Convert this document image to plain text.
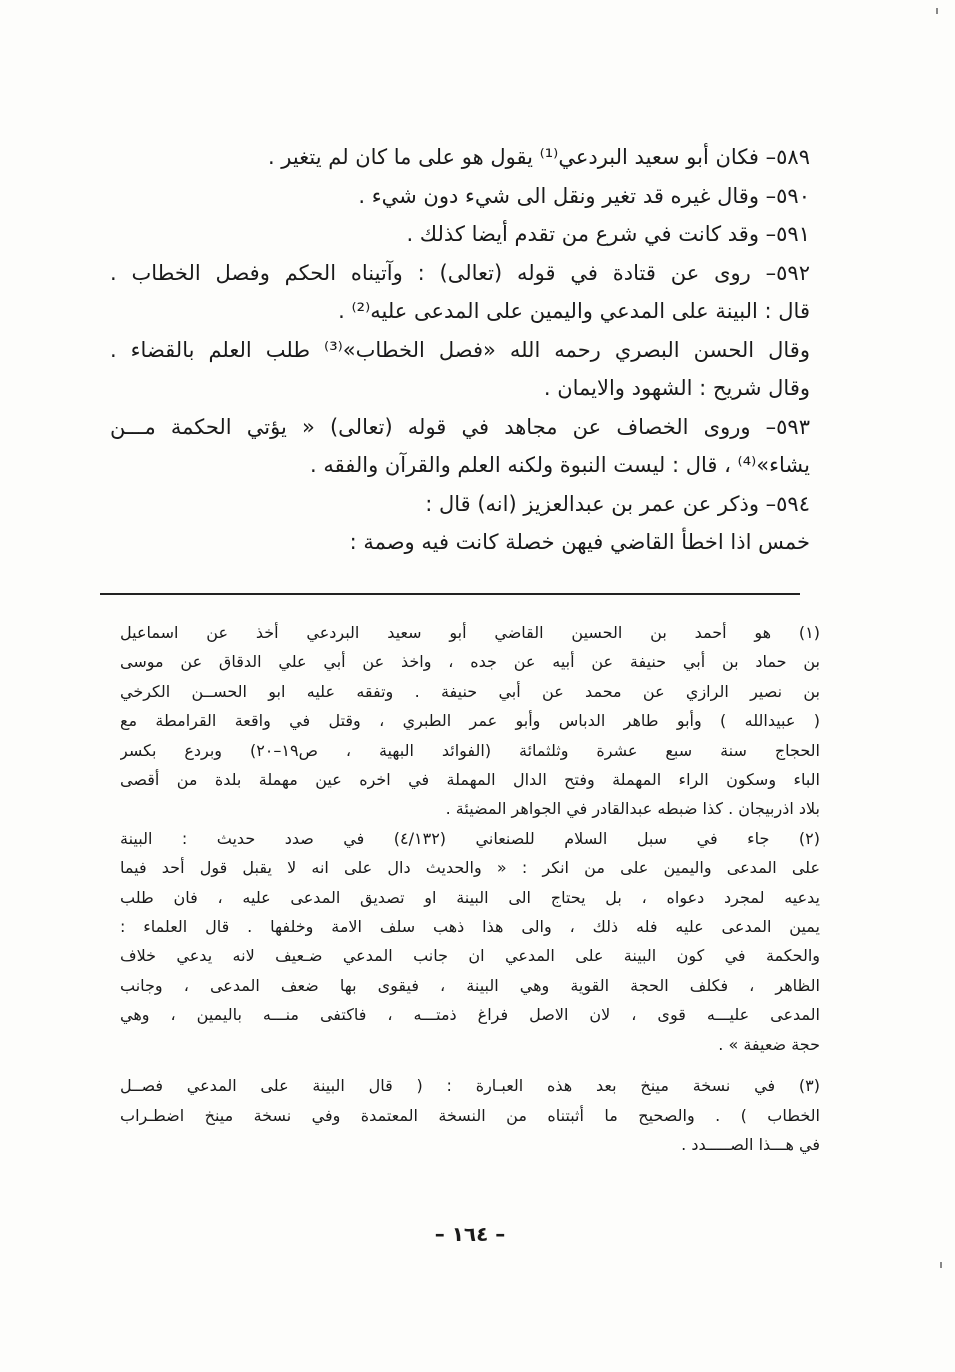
٥٨٩– فكان أبو سعيد البردعي⁽¹⁾ يقول هو على ما كان لم يتغير .
٥٩٠– وقال غيره قد تغير ونقل الى شيء دون شيء .
٥٩١– وقد كانت في شرع من تقدم أيضا كذلك .
٥٩٢– روى عن قتادة في قوله (تعالى) : وآتيناه الحكم وفصل الخطاب .
قال : البينة على المدعي واليمين على المدعى عليه⁽²⁾ .
وقال الحسن البصري رحمه الله «فصل الخطاب»⁽³⁾ طلب العلم بالقضاء .
وقال شريح : الشهود والايمان .
٥٩٣– وروى الخصاف عن مجاهد في قوله (تعالى) « يؤتي الحكمة مـــن
يشاء»⁽⁴⁾ ، قال : ليست النبوة ولكنه العلم والقرآن والفقه .
٥٩٤– وذكر عن عمر بن عبدالعزيز (انه) قال :
خمس اذا اخطأ القاضي فيهن خصلة كانت فيه وصمة :
(١) هو أحمد بن الحسين القاضي أبو سعيد البردعي أخذ عن اسماعيل
بن حماد بن أبي حنيفة عن أبيه عن جده ، واخذ عن أبي علي الدقاق عن موسى
بن نصير الرازي عن محمد عن أبي حنيفة . وتفقه عليه ابو الحســن الكرخي
( عبيدالله ) وأبو طاهر الدباس وأبو عمر الطبري ، وقتل في واقعة القرامطة مع
الحجاج سنة سبع عشرة وثلثمائة (الفوائد البهية ، ص١٩–٢٠) وبردع بكسر
الباء وسكون الراء المهملة وفتح الدال المهملة في اخره عين مهملة بلدة من أقصى
بلاد اذربيجان . كذا ضبطه عبدالقادر في الجواهر المضيئة .
(٢) جاء في سبل السلام للصنعاني (٤/١٣٢) في صدد حديث : البينة
على المدعى واليمين على من انكر : « والحديث دال على انه لا يقبل قول أحد فيما
يدعيه لمجرد دعواه ، بل يحتاج الى البينة او تصديق المدعى عليه ، فان طلب
يمين المدعى عليه فله ذلك ، والى هذا ذهب سلف الامة وخلفها . قال العلماء :
والحكمة في كون البينة على المدعي ان جانب المدعي ضـعيف لانه يدعي خلاف
الظاهر ، فكلف الحجة القوية وهي البينة ، فيقوى بها ضعف المدعى ، وجانب
المدعى عليـــه قوى ، لان الاصل فراغ ذمتـــه ، فاكتفى منـــه باليمين ، وهي
حجة ضعيفة » .
(٣) في نسخة مينخ بعد هذه العبـارة : ( قال البينة على المدعي فصــل
الخطاب ) . والصحيح ما أثبتناه من النسخة المعتمدة وفي نسخة مينخ اضطـراب
في هـــذا الصـــــدد .
– ١٦٤ –
